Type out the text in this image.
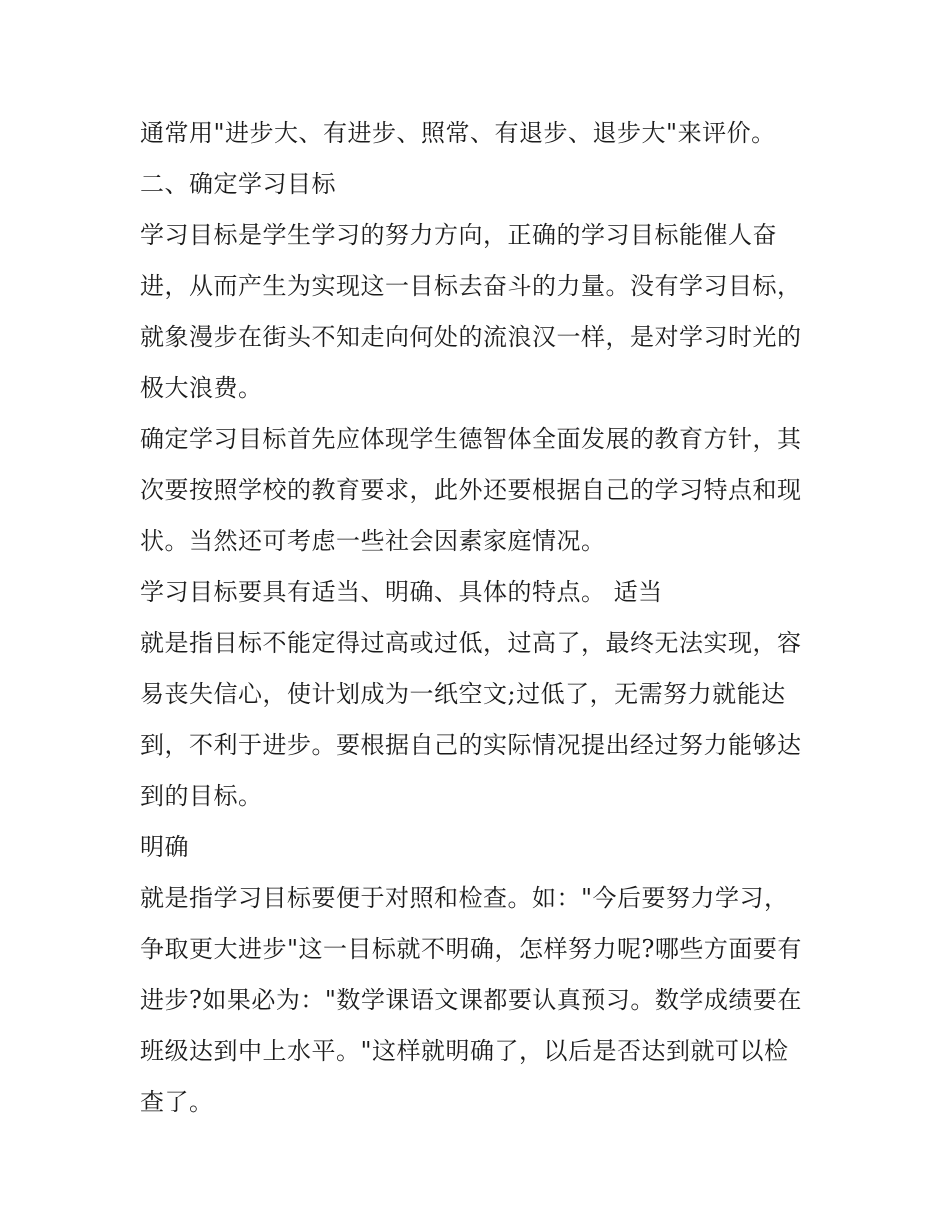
通常用"进步大、有进步、照常、有退步、退步大"来评价。

二、确定学习目标

学习目标是学生学习的努力方向，正确的学习目标能催人奋

进，从而产生为实现这一目标去奋斗的力量。没有学习目标，

就象漫步在街头不知走向何处的流浪汉一样，是对学习时光的

极大浪费。

确定学习目标首先应体现学生德智体全面发展的教育方针，其

次要按照学校的教育要求，此外还要根据自己的学习特点和现

状。当然还可考虑一些社会因素家庭情况。

学习目标要具有适当、明确、具体的特点。 适当

就是指目标不能定得过高或过低，过高了，最终无法实现，容

易丧失信心，使计划成为一纸空文;过低了，无需努力就能达

到，不利于进步。要根据自己的实际情况提出经过努力能够达

到的目标。

明确

就是指学习目标要便于对照和检查。如："今后要努力学习，

争取更大进步"这一目标就不明确，怎样努力呢?哪些方面要有

进步?如果必为："数学课语文课都要认真预习。数学成绩要在

班级达到中上水平。"这样就明确了，以后是否达到就可以检

查了。
